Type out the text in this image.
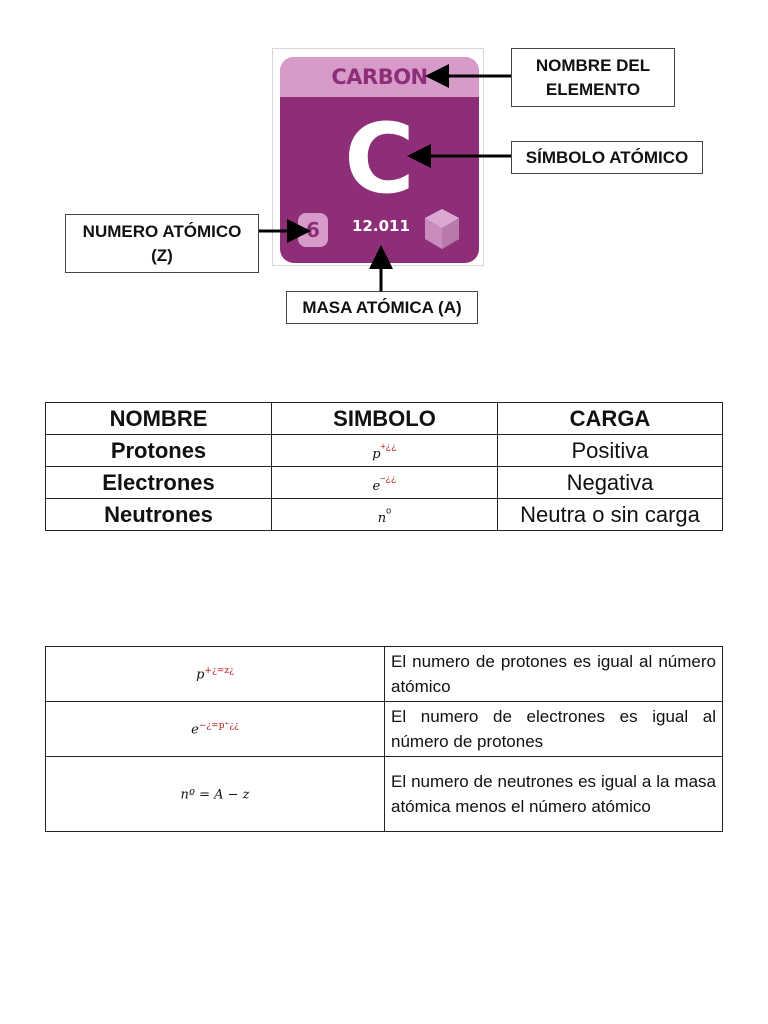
CARBON
C
6	12.011
NOMBRE DEL ELEMENTO
SÍMBOLO ATÓMICO
NUMERO ATÓMICO
(Z)
MASA ATÓMICA (A)
NOMBRE	SIMBOLO	CARGA
Protones	p+¿¿	Positiva
Electrones	e−¿¿	Negativa
Neutrones	$n^o$	Neutra o sin carga
$p^{+¿=z¿}$	El numero de protones es igual al número atómico
$e^{-¿=p^+¿¿}$	El numero de electrones es igual al número de protones
nº = A − z	El numero de neutrones es igual a la masa atómica menos el número atómico
